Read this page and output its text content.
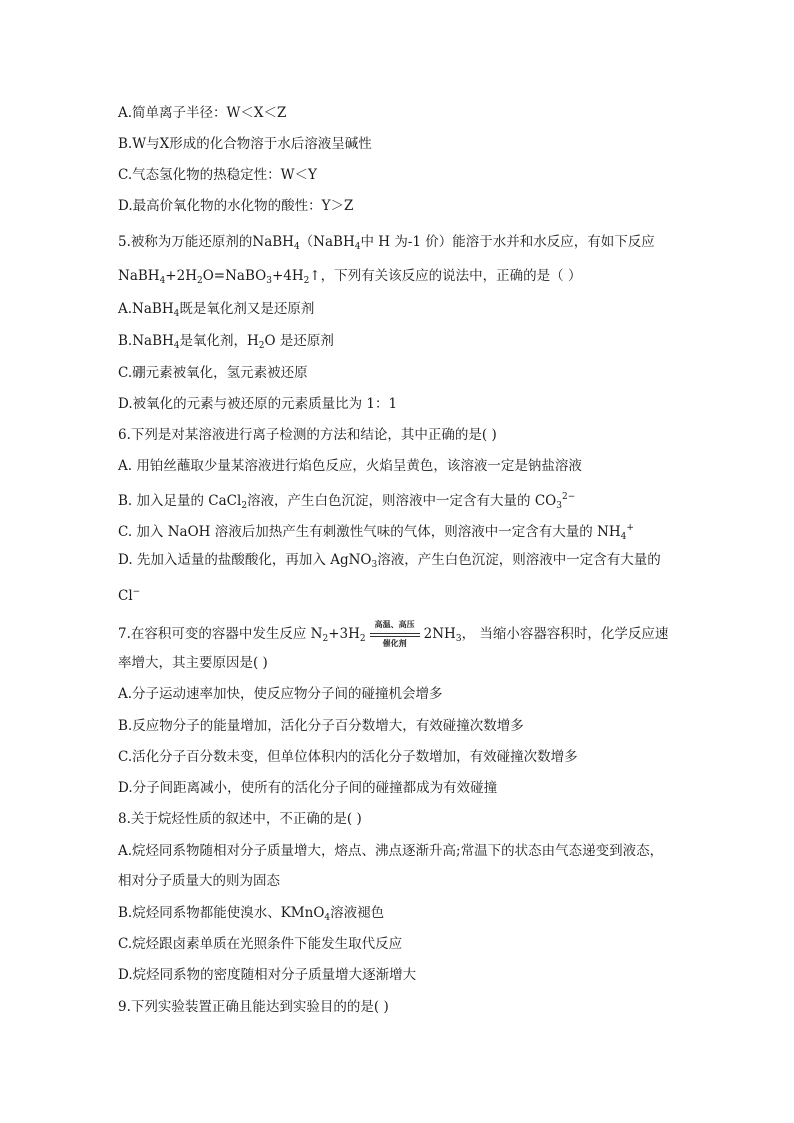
A.简单离子半径：W＜X＜Z
B.W与X形成的化合物溶于水后溶液呈碱性
C.气态氢化物的热稳定性：W＜Y
D.最高价氧化物的水化物的酸性：Y＞Z
5.被称为万能还原剂的NaBH$_4$（NaBH$_4$中 H 为-1 价）能溶于水并和水反应，有如下反应
$NaBH_4+2H_2O=NaBO_3+4H_2↑$，下列有关该反应的说法中，正确的是（ ）
A.NaBH$_4$既是氧化剂又是还原剂
B.NaBH$_4$是氧化剂，$H_2O$ 是还原剂
C.硼元素被氧化，氢元素被还原
D.被氧化的元素与被还原的元素质量比为 1：1
6.下列是对某溶液进行离子检测的方法和结论，其中正确的是( )
A. 用铂丝蘸取少量某溶液进行焰色反应，火焰呈黄色，该溶液一定是钠盐溶液
B. 加入足量的 CaCl$_2$溶液，产生白色沉淀，则溶液中一定含有大量的 $CO_3^{2-}$
C. 加入 NaOH 溶液后加热产生有刺激性气味的气体，则溶液中一定含有大量的 $NH_4^+$
D. 先加入适量的盐酸酸化，再加入 AgNO$_3$溶液，产生白色沉淀，则溶液中一定含有大量的
Cl−
7.在容积可变的容器中发生反应 $N_2+3H_2$
高温、高压
催化剂
$2NH_3$， 当缩小容器容积时，化学反应速
率增大，其主要原因是( )
A.分子运动速率加快，使反应物分子间的碰撞机会增多
B.反应物分子的能量增加，活化分子百分数增大，有效碰撞次数增多
C.活化分子百分数未变，但单位体积内的活化分子数增加，有效碰撞次数增多
D.分子间距离减小，使所有的活化分子间的碰撞都成为有效碰撞
8.关于烷烃性质的叙述中，不正确的是( )
A.烷烃同系物随相对分子质量增大，熔点、沸点逐渐升高;常温下的状态由气态递变到液态，
相对分子质量大的则为固态
B.烷烃同系物都能使溴水、KMnO$_4$溶液褪色
C.烷烃跟卤素单质在光照条件下能发生取代反应
D.烷烃同系物的密度随相对分子质量增大逐渐增大
9.下列实验装置正确且能达到实验目的的是( )
